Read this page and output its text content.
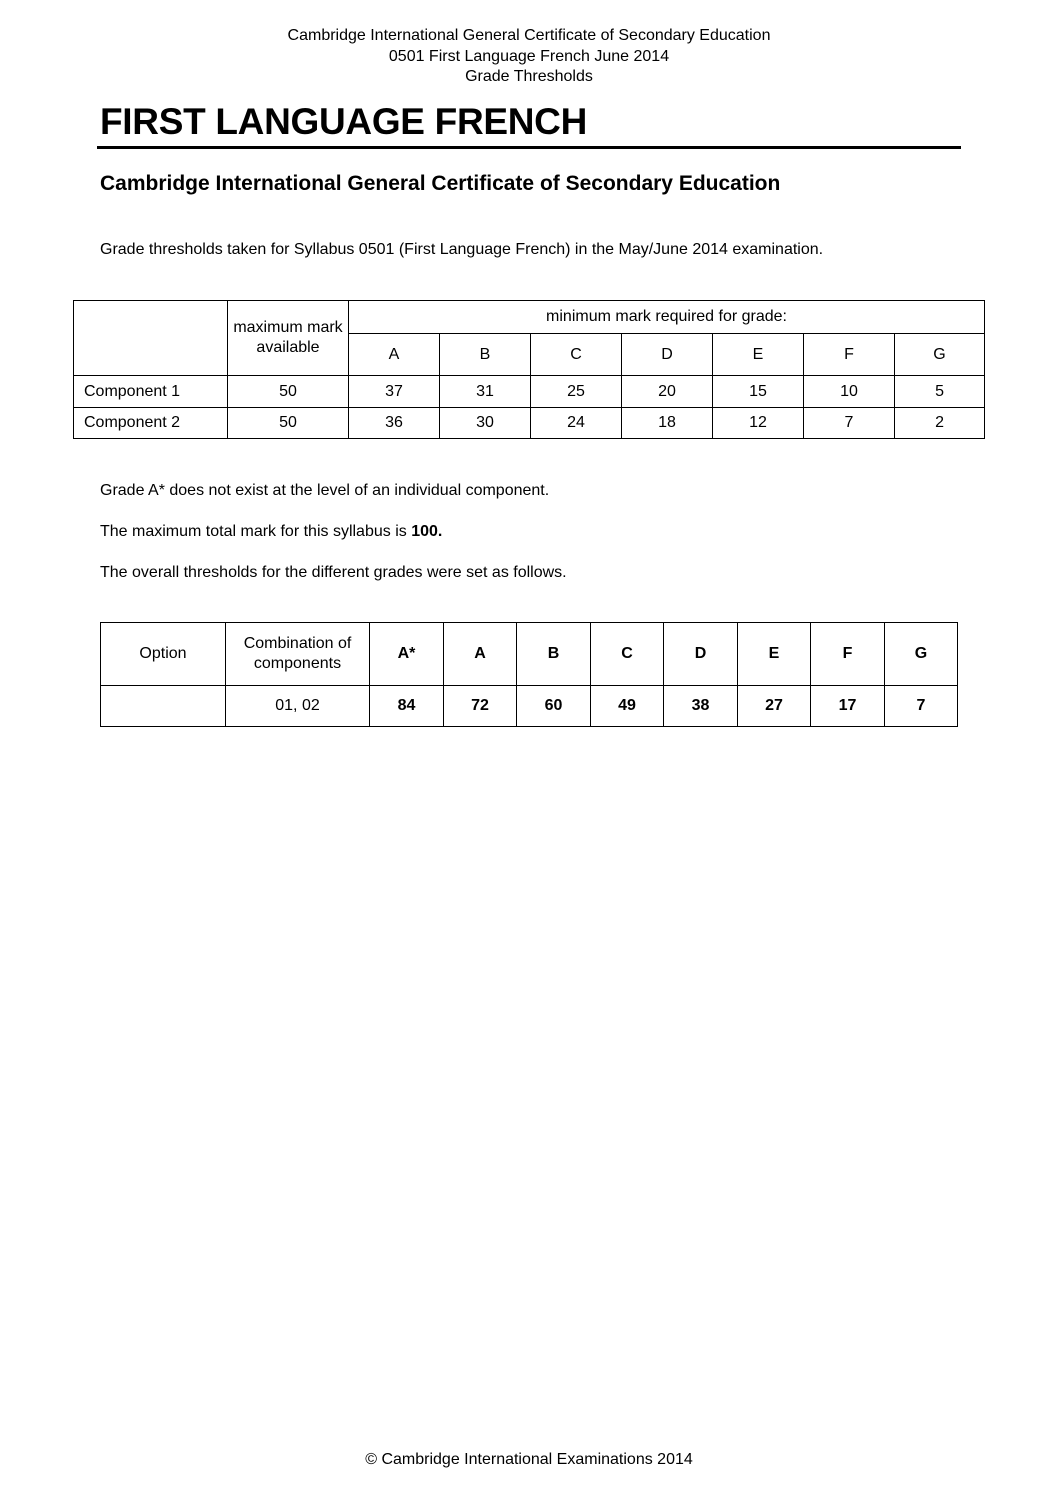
Cambridge International General Certificate of Secondary Education
0501 First Language French June 2014
Grade Thresholds
FIRST LANGUAGE FRENCH
Cambridge International General Certificate of Secondary Education

Grade thresholds taken for Syllabus 0501 (First Language French) in the May/June 2014 examination.

	maximum mark available	minimum mark required for grade:						
		A	B	C	D	E	F	G
Component 1	50	37	31	25	20	15	10	5
Component 2	50	36	30	24	18	12	7	2

Grade A* does not exist at the level of an individual component.

The maximum total mark for this syllabus is 100.

The overall thresholds for the different grades were set as follows.

Option	Combination of components	A*	A	B	C	D	E	F	G
	01, 02	84	72	60	49	38	27	17	7
© Cambridge International Examinations 2014
